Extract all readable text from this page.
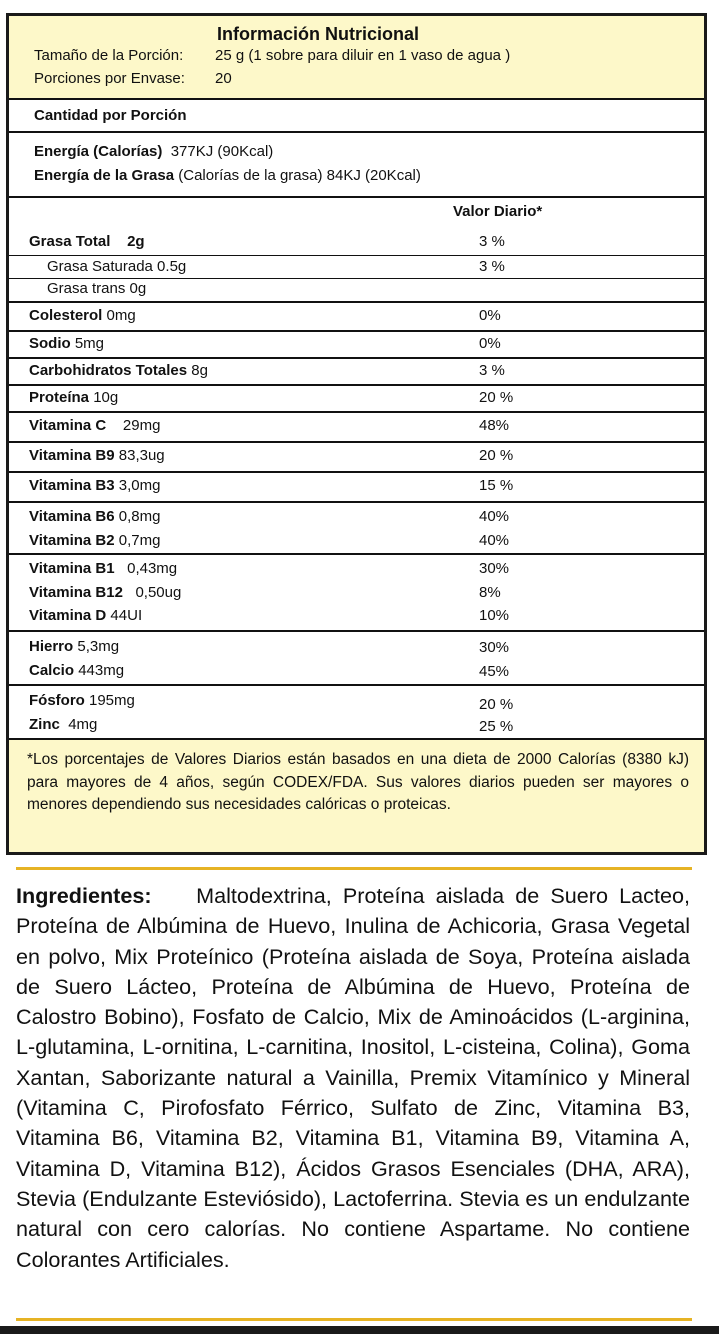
Información Nutricional
Tamaño de la Porción: 25 g (1 sobre para diluir en 1 vaso de agua )
Porciones por Envase: 20
Cantidad por Porción
Energía (Calorías) 377KJ (90Kcal)
Energía de la Grasa (Calorías de la grasa) 84KJ (20Kcal)
Valor Diario*
Grasa Total 2g	3 %
Grasa Saturada 0.5g	3 %
Grasa trans 0g
Colesterol 0mg	0%
Sodio 5mg	0%
Carbohidratos Totales 8g	3 %
Proteína 10g	20 %
Vitamina C 29mg	48%
Vitamina B9 83,3ug	20 %
Vitamina B3 3,0mg	15 %
Vitamina B6 0,8mg	40%
Vitamina B2 0,7mg	40%
Vitamina B1 0,43mg	30%
Vitamina B12 0,50ug	8%
Vitamina D 44UI	10%
Hierro 5,3mg	30%
Calcio 443mg	45%
Fósforo 195mg	20 %
Zinc 4mg	25 %
*Los porcentajes de Valores Diarios están basados en una dieta de 2000 Calorías (8380 kJ) para mayores de 4 años, según CODEX/FDA. Sus valores diarios pueden ser mayores o menores dependiendo sus necesidades calóricas o proteicas.
Ingredientes: Maltodextrina, Proteína aislada de Suero Lacteo, Proteína de Albúmina de Huevo, Inulina de Achicoria, Grasa Vegetal en polvo, Mix Proteínico (Proteína aislada de Soya, Proteína aislada de Suero Lácteo, Proteína de Albúmina de Huevo, Proteína de Calostro Bobino), Fosfato de Calcio, Mix de Aminoácidos (L-arginina, L-glutamina, L-ornitina, L-carnitina, Inositol, L-cisteina, Colina), Goma Xantan, Saborizante natural a Vainilla, Premix Vitamínico y Mineral (Vitamina C, Pirofosfato Férrico, Sulfato de Zinc, Vitamina B3, Vitamina B6, Vitamina B2, Vitamina B1, Vitamina B9, Vitamina A, Vitamina D, Vitamina B12), Ácidos Grasos Esenciales (DHA, ARA), Stevia (Endulzante Esteviósido), Lactoferrina. Stevia es un endulzante natural con cero calorías. No contiene Aspartame. No contiene Colorantes Artificiales.
